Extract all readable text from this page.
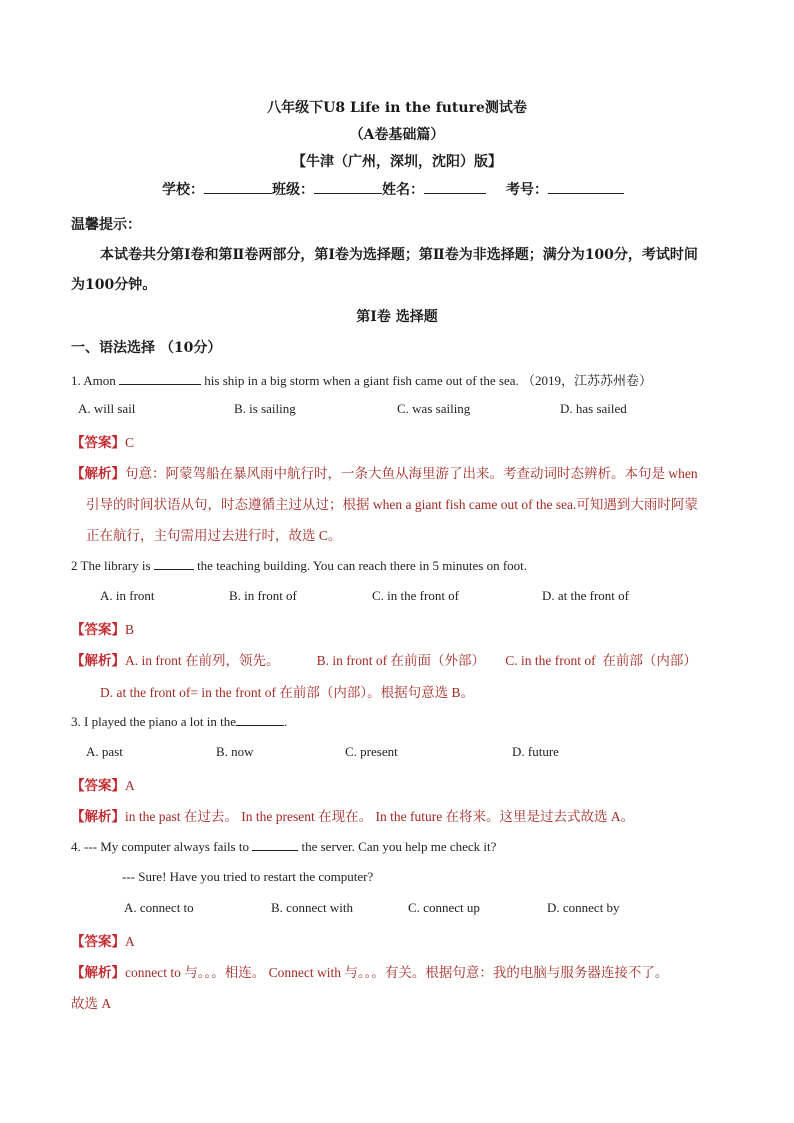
八年级下U8 Life in the future测试卷
（A卷基础篇）
【牛津（广州，深圳，沈阳）版】
学校：	班级：	姓名：	考号：
温馨提示：
本试卷共分第Ⅰ卷和第Ⅱ卷两部分，第Ⅰ卷为选择题；第Ⅱ卷为非选择题；满分为100分，考试时间
为100分钟。
第Ⅰ卷 选择题
一、语法选择 （10分）
1. Amon	his ship in a big storm when a giant fish came out of the sea. （2019，江苏苏州卷）
A. will sail	B. is sailing	C. was sailing	D. has sailed
【答案】C
【解析】句意：阿蒙驾船在暴风雨中航行时，一条大鱼从海里游了出来。考查动词时态辨析。本句是 when
引导的时间状语从句，时态遵循主过从过；根据 when a giant fish came out of the sea.可知遇到大雨时阿蒙
正在航行，主句需用过去进行时，故选 C。
2 The library is	the teaching building. You can reach there in 5 minutes on foot.
A. in front	B. in front of	C. in the front of	D. at the front of
【答案】B
【解析】A. in front 在前列，领先。           B. in front of 在前面（外部）      C. in the front of  在前部（内部）
D. at the front of= in the front of 在前部（内部）。根据句意选 B。
3. I played the piano a lot in the	.
A. past	B. now	C. present	D. future
【答案】A
【解析】in the past 在过去。 In the present 在现在。 In the future 在将来。这里是过去式故选 A。
4. --- My computer always fails to	the server. Can you help me check it?
--- Sure! Have you tried to restart the computer?
A. connect to	B. connect with	C. connect up	D. connect by
【答案】A
【解析】connect to 与。。。相连。 Connect with 与。。。有关。根据句意：我的电脑与服务器连接不了。
故选 A
